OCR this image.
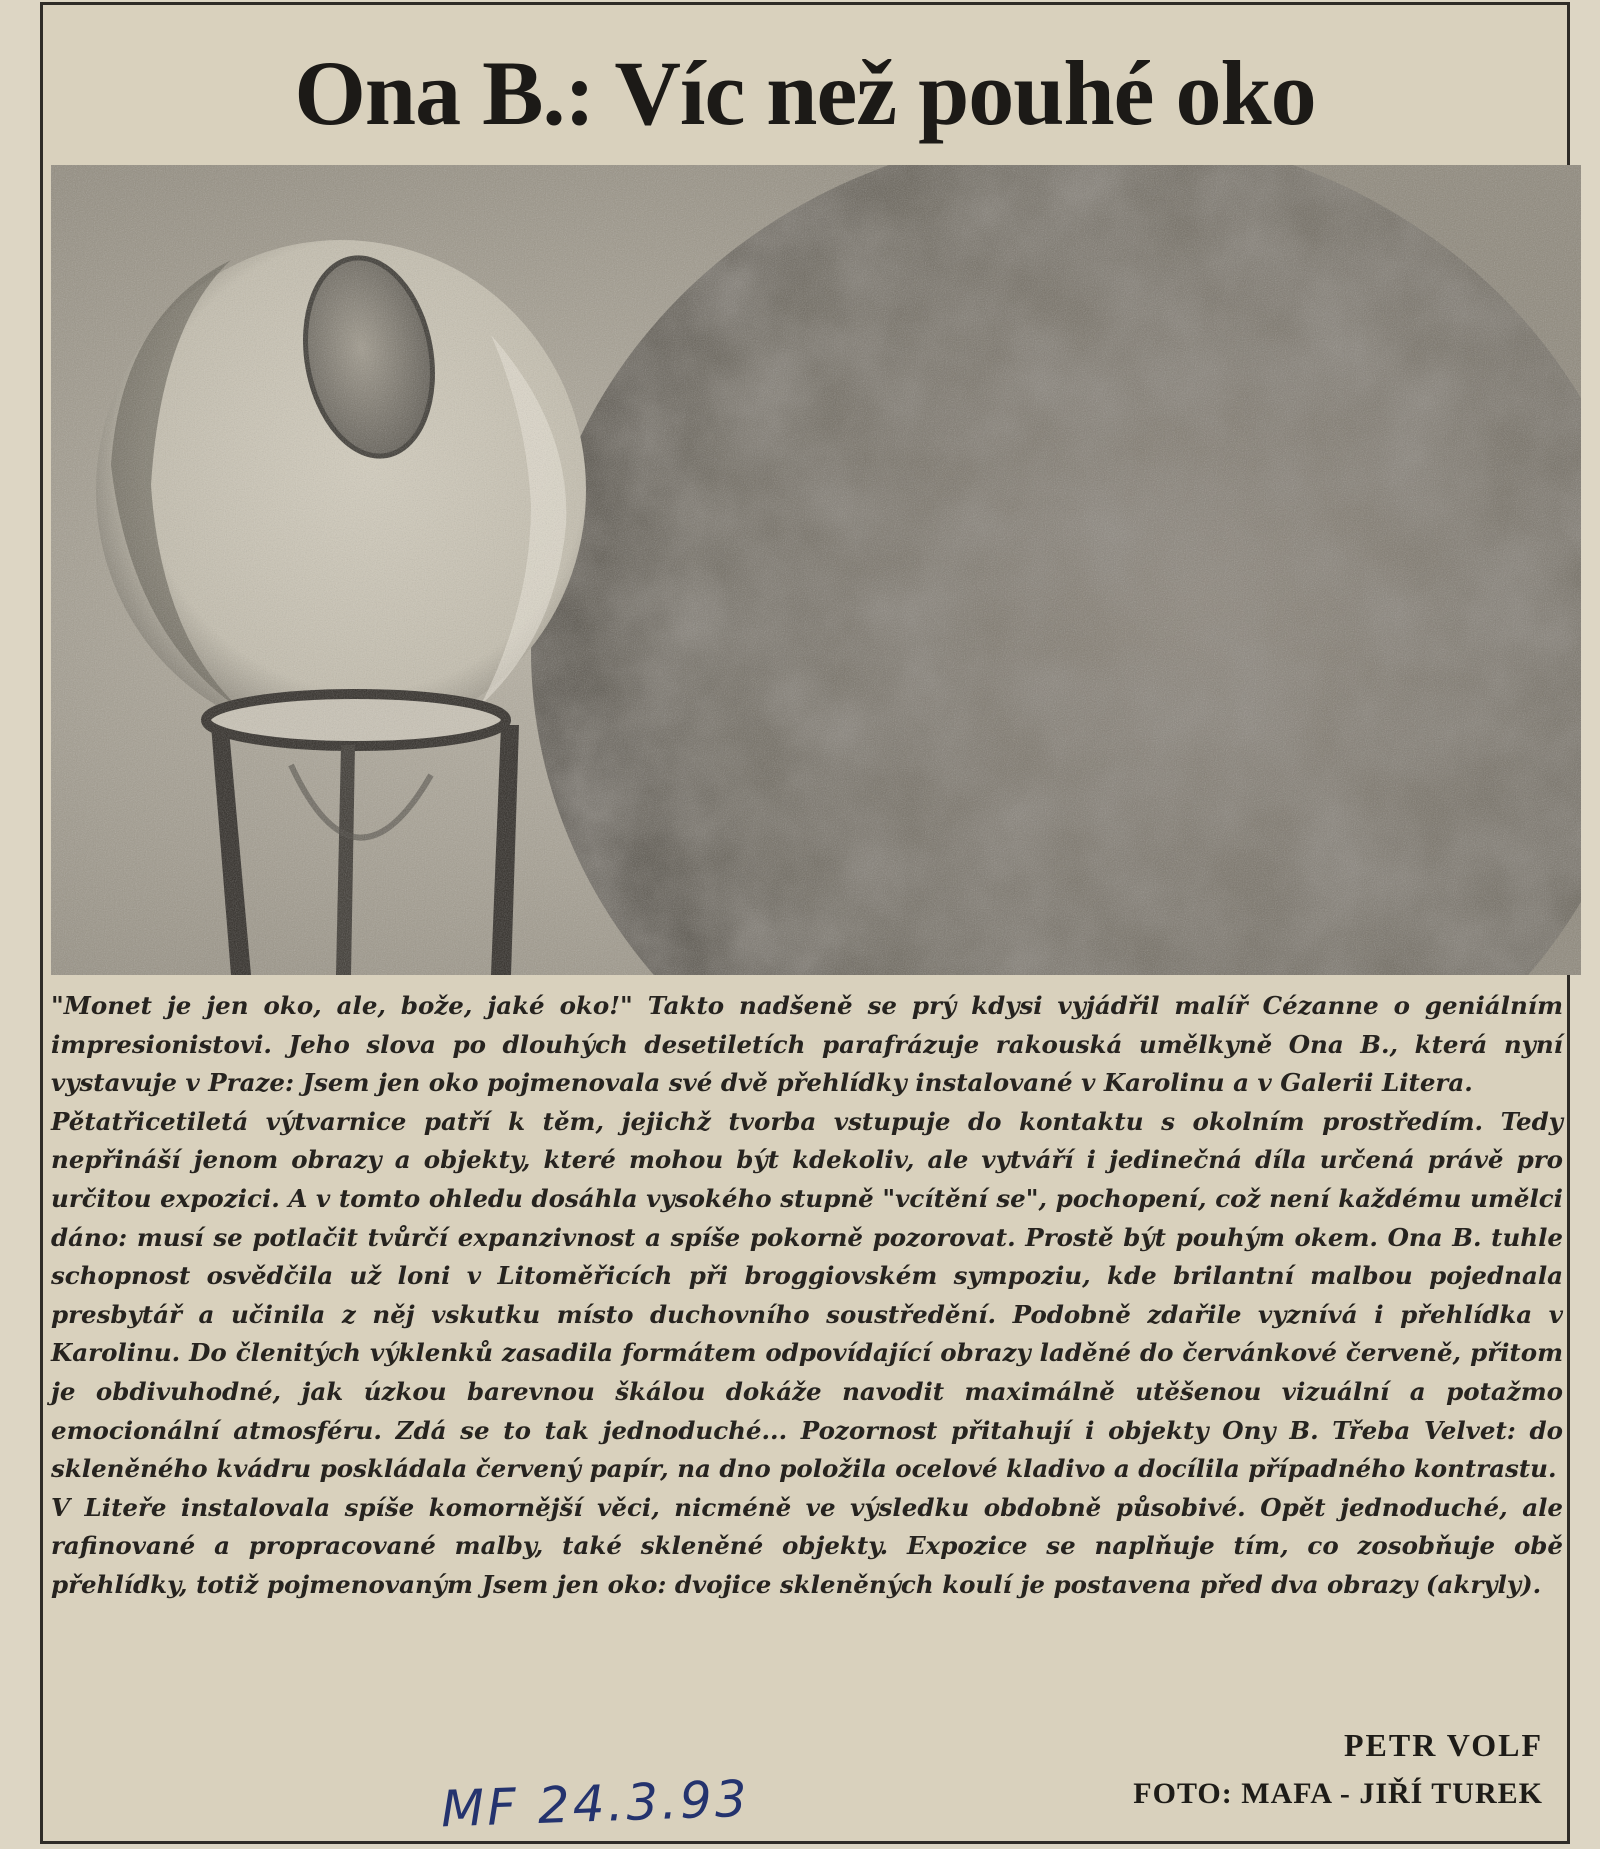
Ona B.: Víc než pouhé oko

"Monet je jen oko, ale, bože, jaké oko!" Takto nadšeně se prý kdysi vyjádřil malíř Cézanne o geniálním impresionistovi. Jeho slova po dlouhých desetiletích parafrázuje rakouská umělkyně Ona B., která nyní vystavuje v Praze: Jsem jen oko pojmenovala své dvě přehlídky instalované v Karolinu a v Galerii Litera.

Pětatřicetiletá výtvarnice patří k těm, jejichž tvorba vstupuje do kontaktu s okolním prostředím. Tedy nepřináší jenom obrazy a objekty, které mohou být kdekoliv, ale vytváří i jedinečná díla určená právě pro určitou expozici. A v tomto ohledu dosáhla vysokého stupně "vcítění se", pochopení, což není každému umělci dáno: musí se potlačit tvůrčí expanzivnost a spíše pokorně pozorovat. Prostě být pouhým okem. Ona B. tuhle schopnost osvědčila už loni v Litoměřicích při broggiovském sympoziu, kde brilantní malbou pojednala presbytář a učinila z něj vskutku místo duchovního soustředění. Podobně zdařile vyznívá i přehlídka v Karolinu. Do členitých výklenků zasadila formátem odpovídající obrazy laděné do červánkové červeně, přitom je obdivuhodné, jak úzkou barevnou škálou dokáže navodit maximálně utěšenou vizuální a potažmo emocionální atmosféru. Zdá se to tak jednoduché... Pozornost přitahují i objekty Ony B. Třeba Velvet: do skleněného kvádru poskládala červený papír, na dno položila ocelové kladivo a docílila případného kontrastu.

V Liteře instalovala spíše komornější věci, nicméně ve výsledku obdobně působivé. Opět jednoduché, ale rafinované a propracované malby, také skleněné objekty. Expozice se naplňuje tím, co zosobňuje obě přehlídky, totiž pojmenovaným Jsem jen oko: dvojice skleněných koulí je postavena před dva obrazy (akryly).

PETR VOLF

FOTO: MAFA - JIŘÍ TUREK

MF 24.3.93
